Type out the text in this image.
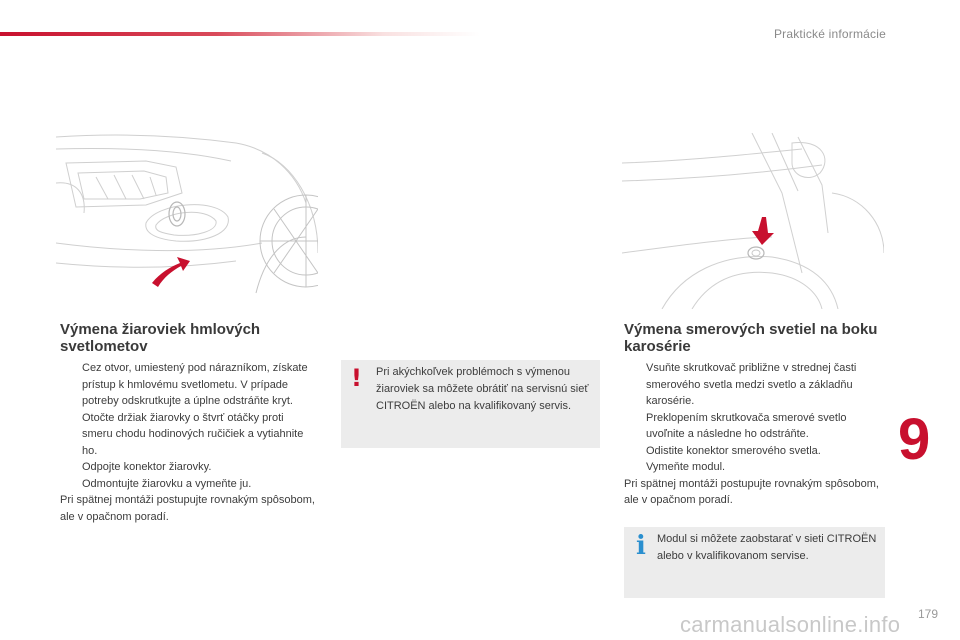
Praktické informácie
Výmena žiaroviek hmlových svetlometov
Cez otvor, umiestený pod nárazníkom, získate prístup k hmlovému svetlometu. V prípade potreby odskrutkujte a úplne odstráňte kryt.
Otočte držiak žiarovky o štvrť otáčky proti smeru chodu hodinových ručičiek a vytiahnite ho.
Odpojte konektor žiarovky.
Odmontujte žiarovku a vymeňte ju.
Pri spätnej montáži postupujte rovnakým spôsobom, ale v opačnom poradí.
! Pri akýchkoľvek problémoch s výmenou žiaroviek sa môžete obrátiť na servisnú sieť CITROËN alebo na kvalifikovaný servis.
Výmena smerových svetiel na boku karosérie
Vsuňte skrutkovač približne v strednej časti smerového svetla medzi svetlo a základňu karosérie.
Preklopením skrutkovača smerové svetlo uvoľnite a následne ho odstráňte.
Odistite konektor smerového svetla.
Vymeňte modul.
Pri spätnej montáži postupujte rovnakým spôsobom, ale v opačnom poradí.
i Modul si môžete zaobstarať v sieti CITROËN alebo v kvalifikovanom servise.
9
179
carmanualsonline.info
